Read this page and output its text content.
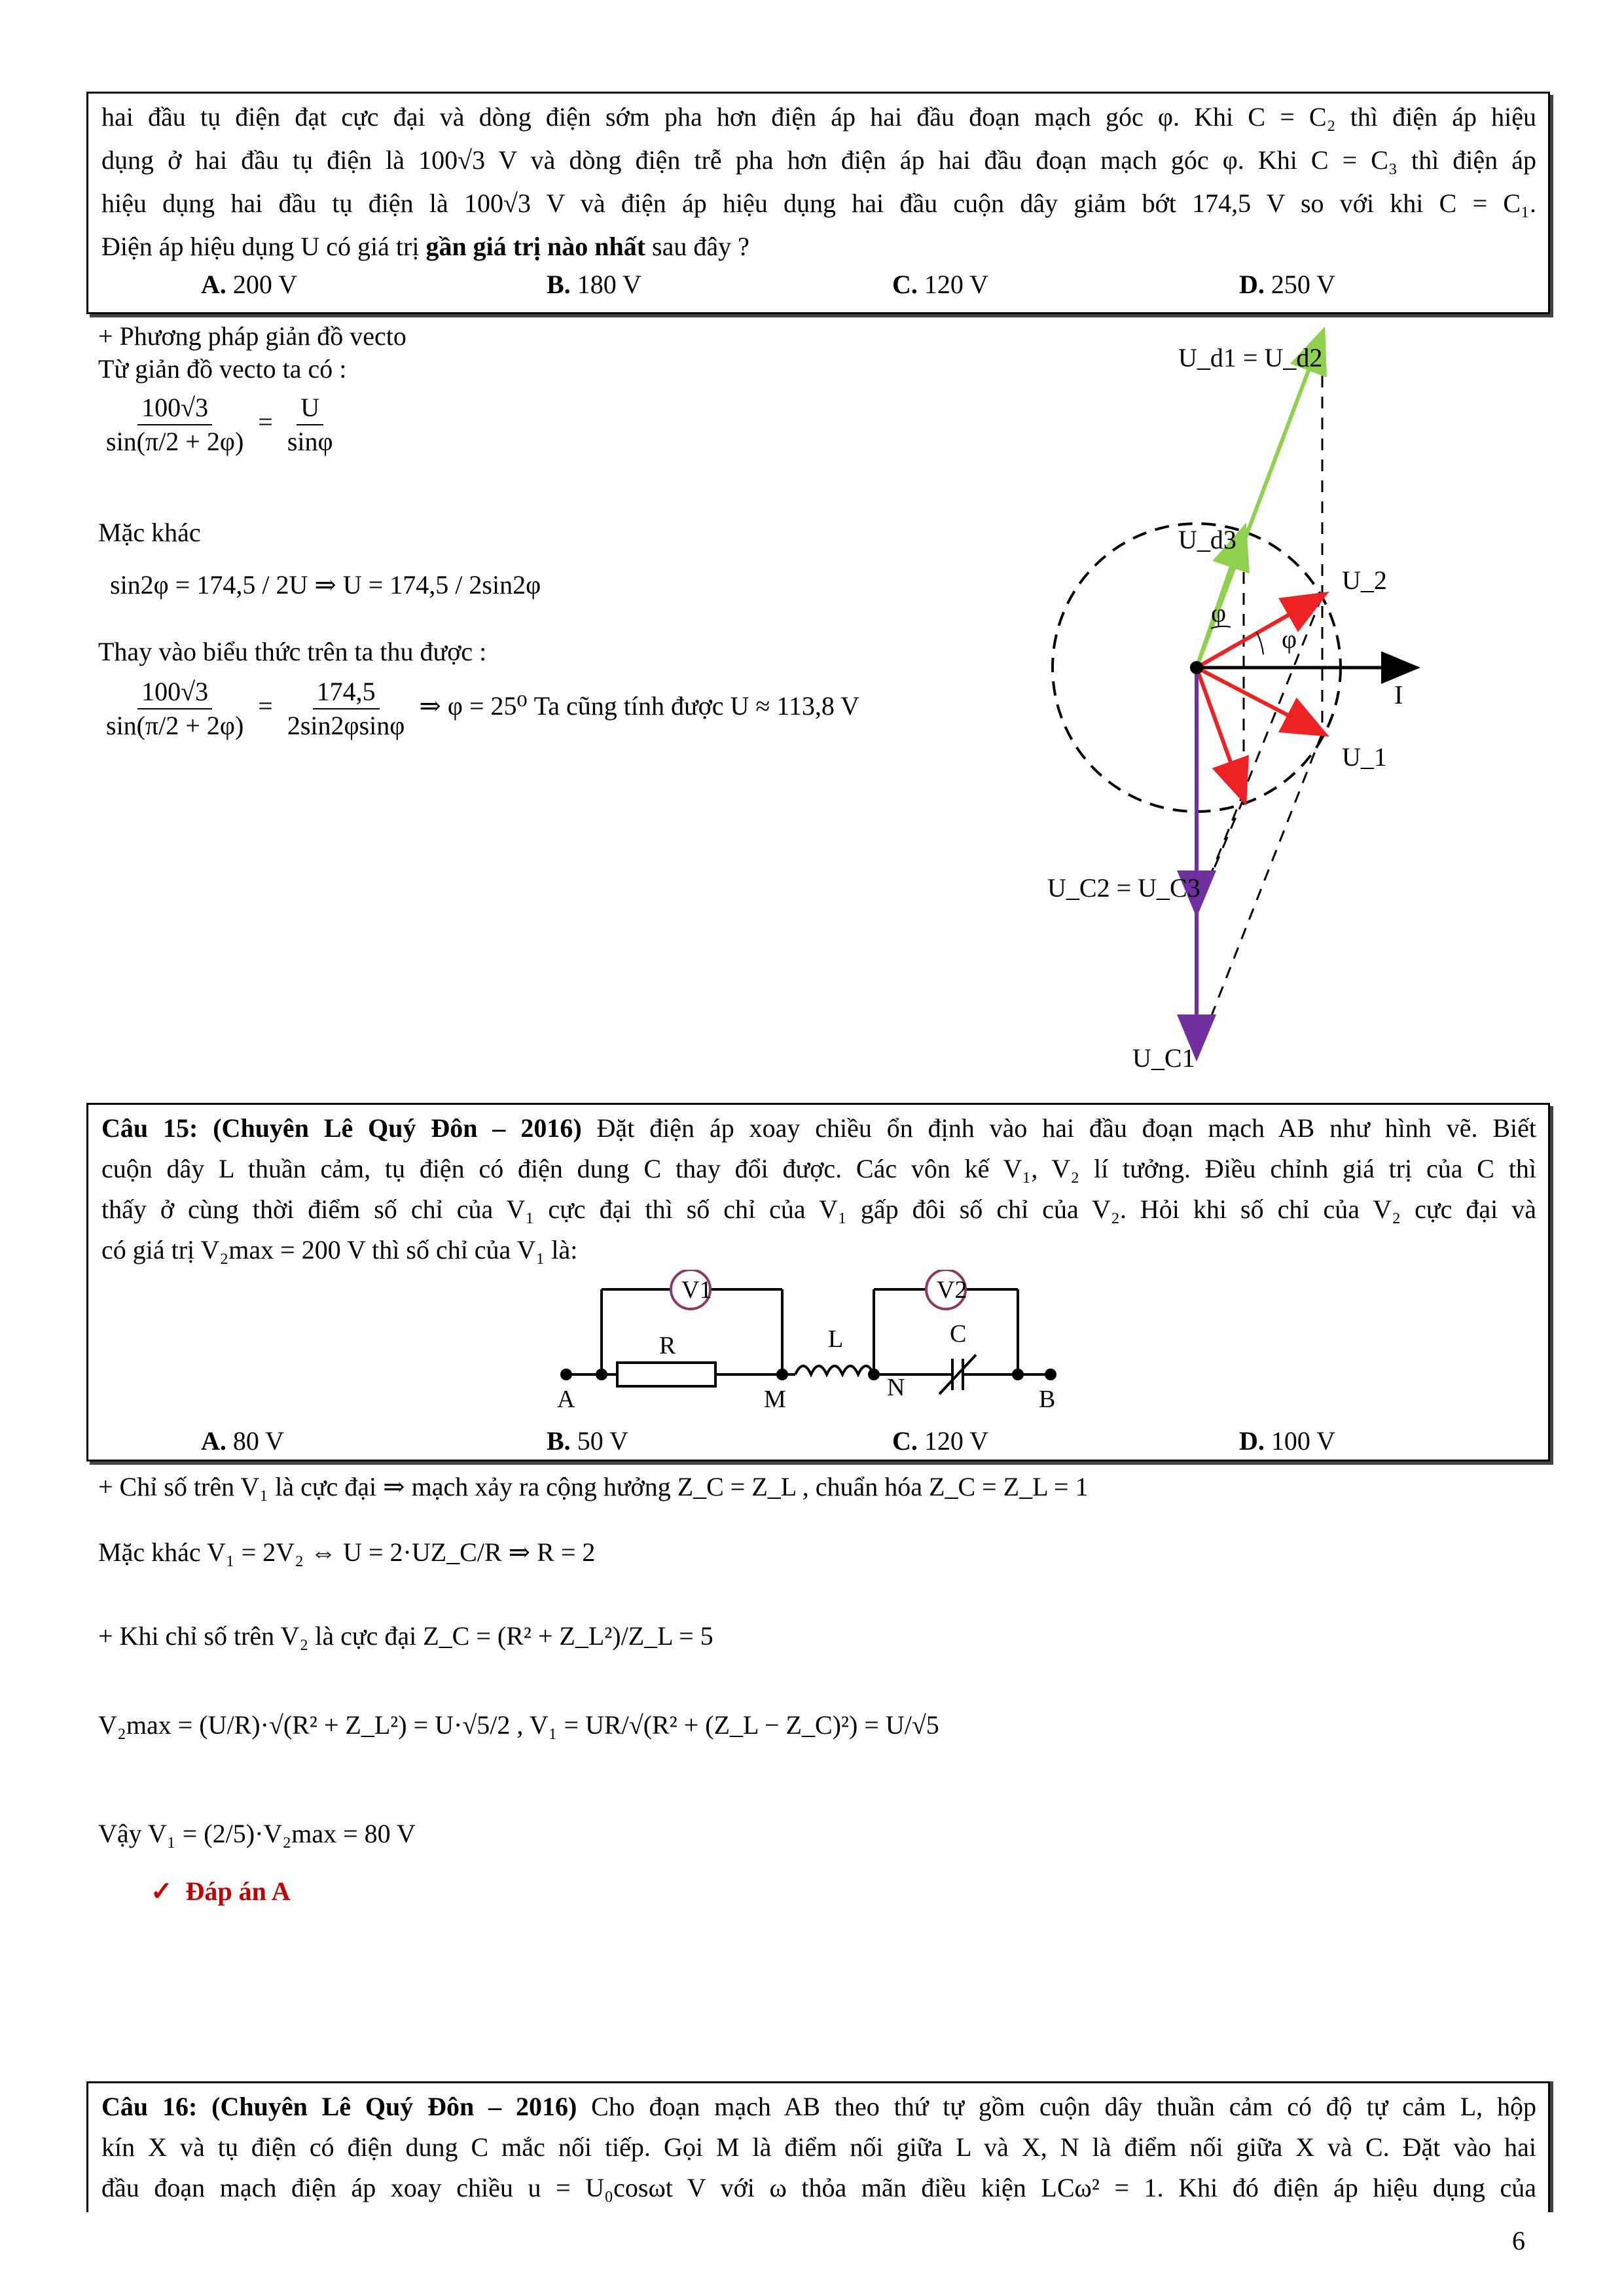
hai đầu tụ điện đạt cực đại và dòng điện sớm pha hơn điện áp hai đầu đoạn mạch góc φ. Khi C = C₂ thì điện áp hiệu
dụng ở hai đầu tụ điện là 100√3 V và dòng điện trễ pha hơn điện áp hai đầu đoạn mạch góc φ. Khi C = C₃ thì điện áp
hiệu dụng hai đầu tụ điện là 100√3 V và điện áp hiệu dụng hai đầu cuộn dây giảm bớt 174,5 V so với khi C = C₁.
Điện áp hiệu dụng U có giá trị gần giá trị nào nhất sau đây ?
A. 200 V	B. 180 V	C. 120 V	D. 250 V
+ Phương pháp giản đồ vecto
Từ giản đồ vecto ta có :
$\frac{100√3}{\sin(\pi/2 + 2\varphi)} = \frac{U}{\sin\varphi}$
Mặc khác
sin2φ = 174,5 / 2U ⇒ U = 174,5 / 2sin2φ
Thay vào biểu thức trên ta thu được :
$\frac{100√3}{\sin(\pi/2 + 2\varphi)} = \frac{174,5}{2\sin 2\varphi\sin\varphi}$ ⇒ φ = 25⁰ Ta cũng tính được U ≈ 113,8 V
U_d1 = U_d2
U_d3
U_2
U_1
I
φ
φ
U_C2 = U_C3
U_C1
Câu 15: (Chuyên Lê Quý Đôn – 2016) Đặt điện áp xoay chiều ổn định vào hai đầu đoạn mạch AB như hình vẽ. Biết
cuộn dây L thuần cảm, tụ điện có điện dung C thay đổi được. Các vôn kế V₁, V₂ lí tưởng. Điều chỉnh giá trị của C thì
thấy ở cùng thời điểm số chỉ của V₁ cực đại thì số chỉ của V₁ gấp đôi số chỉ của V₂. Hỏi khi số chỉ của V₂ cực đại và
có giá trị V₂max = 200 V thì số chỉ của V₁ là:
V1	V2
R	L	C
A	M	N	B
A. 80 V	B. 50 V	C. 120 V	D. 100 V
+ Chỉ số trên V₁ là cực đại ⇒ mạch xảy ra cộng hưởng Z_C = Z_L , chuẩn hóa Z_C = Z_L = 1
Mặc khác V₁ = 2V₂ ⇔ U = 2·UZ_C/R ⇒ R = 2
+ Khi chỉ số trên V₂ là cực đại Z_C = (R² + Z_L²)/Z_L = 5
V₂max = (U/R)·√(R² + Z_L²) = U·√5/2 , V₁ = UR/√(R² + (Z_L − Z_C)²) = U/√5
Vậy V₁ = (2/5)·V₂max = 80 V
✓ Đáp án A
Câu 16: (Chuyên Lê Quý Đôn – 2016) Cho đoạn mạch AB theo thứ tự gồm cuộn dây thuần cảm có độ tự cảm L, hộp
kín X và tụ điện có điện dung C mắc nối tiếp. Gọi M là điểm nối giữa L và X, N là điểm nối giữa X và C. Đặt vào hai
đầu đoạn mạch điện áp xoay chiều u = U₀cosωt V với ω thỏa mãn điều kiện LCω² = 1. Khi đó điện áp hiệu dụng của
6
